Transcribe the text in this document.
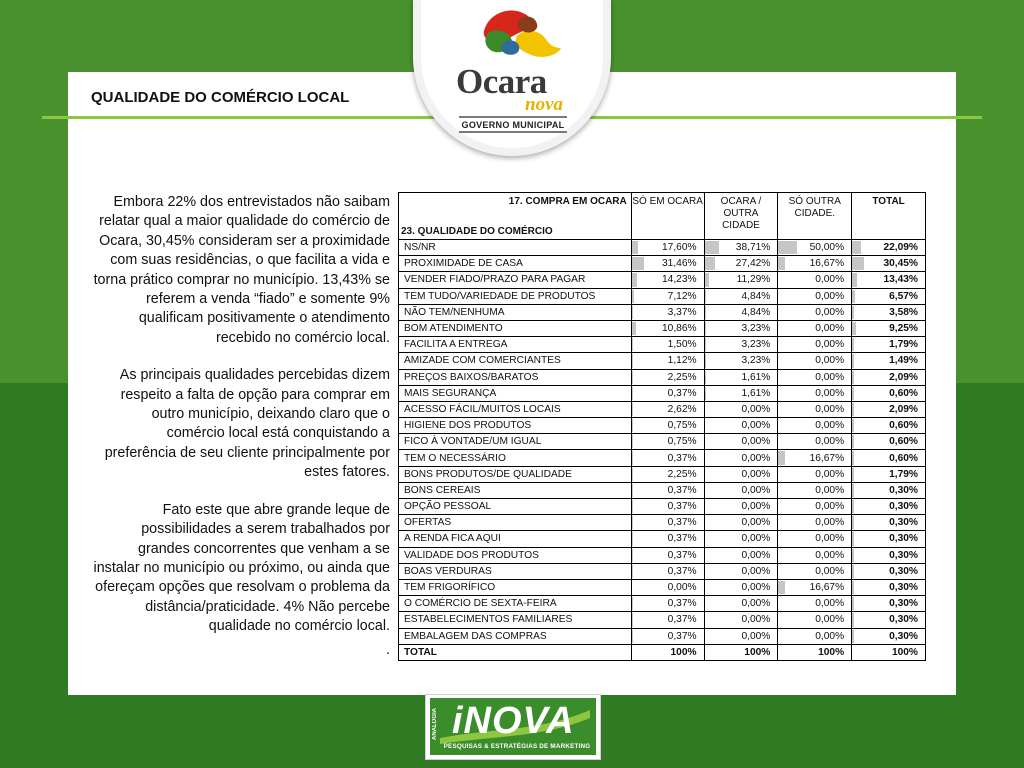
QUALIDADE DO COMÉRCIO LOCAL	Ocara
nova
GOVERNO MUNICIPAL

Embora 22% dos entrevistados não saibam relatar qual a maior qualidade do comércio de Ocara, 30,45% consideram ser a proximidade com suas residências, o que facilita a vida e torna prático comprar no município. 13,43% se referem a venda “fiado” e somente 9% qualificam positivamente o atendimento recebido no comércio local.

As principais qualidades percebidas dizem respeito a falta de opção para comprar em outro município, deixando claro que o comércio local está conquistando a preferência de seu cliente principalmente por estes fatores.

Fato este que abre grande leque de possibilidades a serem trabalhados por grandes concorrentes que venham a se instalar no município ou próximo, ou ainda que ofereçam opções que resolvam o problema da distância/praticidade. 4% Não percebe qualidade no comércio local.

.

17. COMPRA EM OCARA
23. QUALIDADE DO COMÉRCIO	SÓ EM OCARA	OCARA / OUTRA CIDADE	SÓ OUTRA CIDADE.	TOTAL
NS/NR	17,60%	38,71%	50,00%	22,09%
PROXIMIDADE DE CASA	31,46%	27,42%	16,67%	30,45%
VENDER FIADO/PRAZO PARA PAGAR	14,23%	11,29%	0,00%	13,43%
TEM TUDO/VARIEDADE DE PRODUTOS	7,12%	4,84%	0,00%	6,57%
NÃO TEM/NENHUMA	3,37%	4,84%	0,00%	3,58%
BOM ATENDIMENTO	10,86%	3,23%	0,00%	9,25%
FACILITA A ENTREGA	1,50%	3,23%	0,00%	1,79%
AMIZADE COM COMERCIANTES	1,12%	3,23%	0,00%	1,49%
PREÇOS BAIXOS/BARATOS	2,25%	1,61%	0,00%	2,09%
MAIS SEGURANÇA	0,37%	1,61%	0,00%	0,60%
ACESSO FÁCIL/MUITOS LOCAIS	2,62%	0,00%	0,00%	2,09%
HIGIENE DOS PRODUTOS	0,75%	0,00%	0,00%	0,60%
FICO À VONTADE/UM IGUAL	0,75%	0,00%	0,00%	0,60%
TEM O NECESSÁRIO	0,37%	0,00%	16,67%	0,60%
BONS PRODUTOS/DE QUALIDADE	2,25%	0,00%	0,00%	1,79%
BONS CEREAIS	0,37%	0,00%	0,00%	0,30%
OPÇÃO PESSOAL	0,37%	0,00%	0,00%	0,30%
OFERTAS	0,37%	0,00%	0,00%	0,30%
A RENDA FICA AQUI	0,37%	0,00%	0,00%	0,30%
VALIDADE DOS PRODUTOS	0,37%	0,00%	0,00%	0,30%
BOAS VERDURAS	0,37%	0,00%	0,00%	0,30%
TEM FRIGORÍFICO	0,00%	0,00%	16,67%	0,30%
O COMÉRCIO DE SEXTA-FEIRA	0,37%	0,00%	0,00%	0,30%
ESTABELECIMENTOS FAMILIARES	0,37%	0,00%	0,00%	0,30%
EMBALAGEM DAS COMPRAS	0,37%	0,00%	0,00%	0,30%
TOTAL	100%	100%	100%	100%
ANALOGIA iNOVA
PESQUISAS & ESTRATÉGIAS DE MARKETING
